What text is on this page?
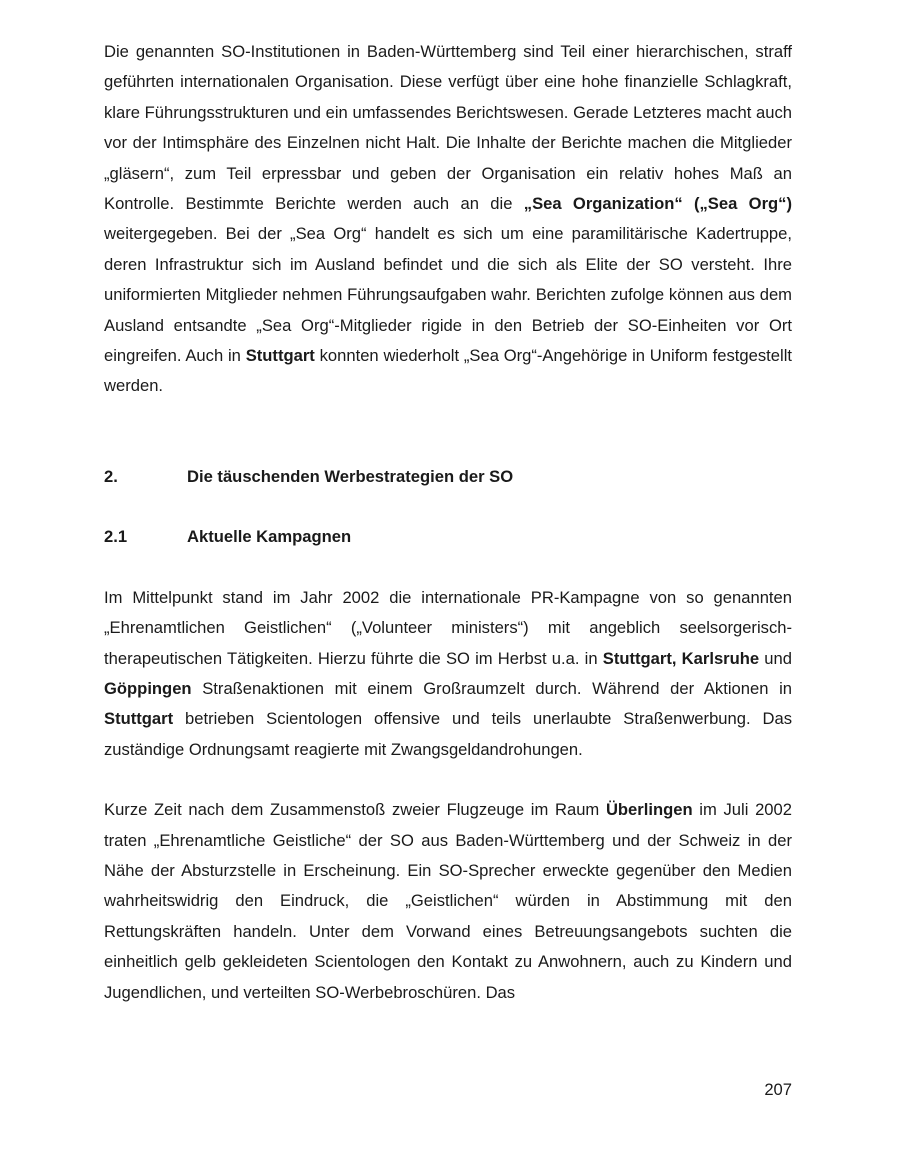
Die genannten SO-Institutionen in Baden-Württemberg sind Teil einer hierarchischen, straff geführten internationalen Organisation. Diese verfügt über eine hohe finanzielle Schlagkraft, klare Führungsstrukturen und ein umfassendes Berichtswesen. Gerade Letzteres macht auch vor der Intimsphäre des Einzelnen nicht Halt. Die Inhalte der Berichte machen die Mitglieder „gläsern“, zum Teil erpressbar und geben der Organisation ein relativ hohes Maß an Kontrolle. Bestimmte Berichte werden auch an die „Sea Organization“ („Sea Org“) weitergegeben. Bei der „Sea Org“ handelt es sich um eine paramilitärische Kadertruppe, deren Infrastruktur sich im Ausland befindet und die sich als Elite der SO versteht. Ihre uniformierten Mitglieder nehmen Führungsaufgaben wahr. Berichten zufolge können aus dem Ausland entsandte „Sea Org“-Mitglieder rigide in den Betrieb der SO-Einheiten vor Ort eingreifen. Auch in Stuttgart konnten wiederholt „Sea Org“-Angehörige in Uniform festgestellt werden.

2.	Die täuschenden Werbestrategien der SO
2.1	Aktuelle Kampagnen

Im Mittelpunkt stand im Jahr 2002 die internationale PR-Kampagne von so genannten „Ehrenamtlichen Geistlichen“ („Volunteer ministers“) mit angeblich seelsorgerisch-therapeutischen Tätigkeiten. Hierzu führte die SO im Herbst u.a. in Stuttgart, Karlsruhe und Göppingen Straßenaktionen mit einem Großraumzelt durch. Während der Aktionen in Stuttgart betrieben Scientologen offensive und teils unerlaubte Straßenwerbung. Das zuständige Ordnungsamt reagierte mit Zwangsgeldandrohungen.

Kurze Zeit nach dem Zusammenstoß zweier Flugzeuge im Raum Überlingen im Juli 2002 traten „Ehrenamtliche Geistliche“ der SO aus Baden-Württemberg und der Schweiz in der Nähe der Absturzstelle in Erscheinung. Ein SO-Sprecher erweckte gegenüber den Medien wahrheitswidrig den Eindruck, die „Geistlichen“ würden in Abstimmung mit den Rettungskräften handeln. Unter dem Vorwand eines Betreuungsangebots suchten die einheitlich gelb gekleideten Scientologen den Kontakt zu Anwohnern, auch zu Kindern und Jugendlichen, und verteilten SO-Werbebroschüren. Das

207
